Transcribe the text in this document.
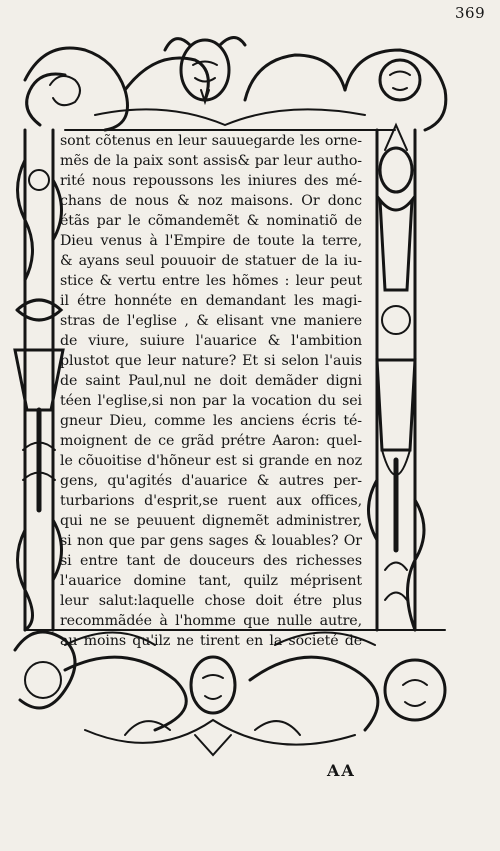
369
sont cõtenus en leur sauuegarde les orne-
mẽs de la paix sont assis& par leur autho-
rité nous repoussons les iniures des mé-
chans de nous & noz maisons. Or donc
étãs par le cõmandemẽt & nominatiõ de
Dieu venus à l'Empire de toute la terre,
& ayans seul pouuoir de statuer de la iu-
stice & vertu entre les hõmes : leur peut
il étre honnéte en demandant les magi-
stras de l'eglise , & elisant vne maniere
de viure, suiure l'auarice & l'ambition
plustot que leur nature? Et si selon l'auis
de saint Paul,nul ne doit demãder digni
téen l'eglise,si non par la vocation du sei
gneur Dieu, comme les anciens écris té-
moignent de ce grãd prétre Aaron: quel-
le cõuoitise d'hõneur est si grande en noz
gens, qu'agités d'auarice & autres per-
turbarions d'esprit,se ruent aux offices,
qui ne se peuuent dignemẽt administrer,
si non que par gens sages & louables? Or
si entre tant de douceurs des richesses
l'auarice domine tant, quilz méprisent
leur salut:laquelle chose doit étre plus
recommãdée à l'homme que nulle autre,
au moins qu'ilz ne tirent en la societé de
AA
